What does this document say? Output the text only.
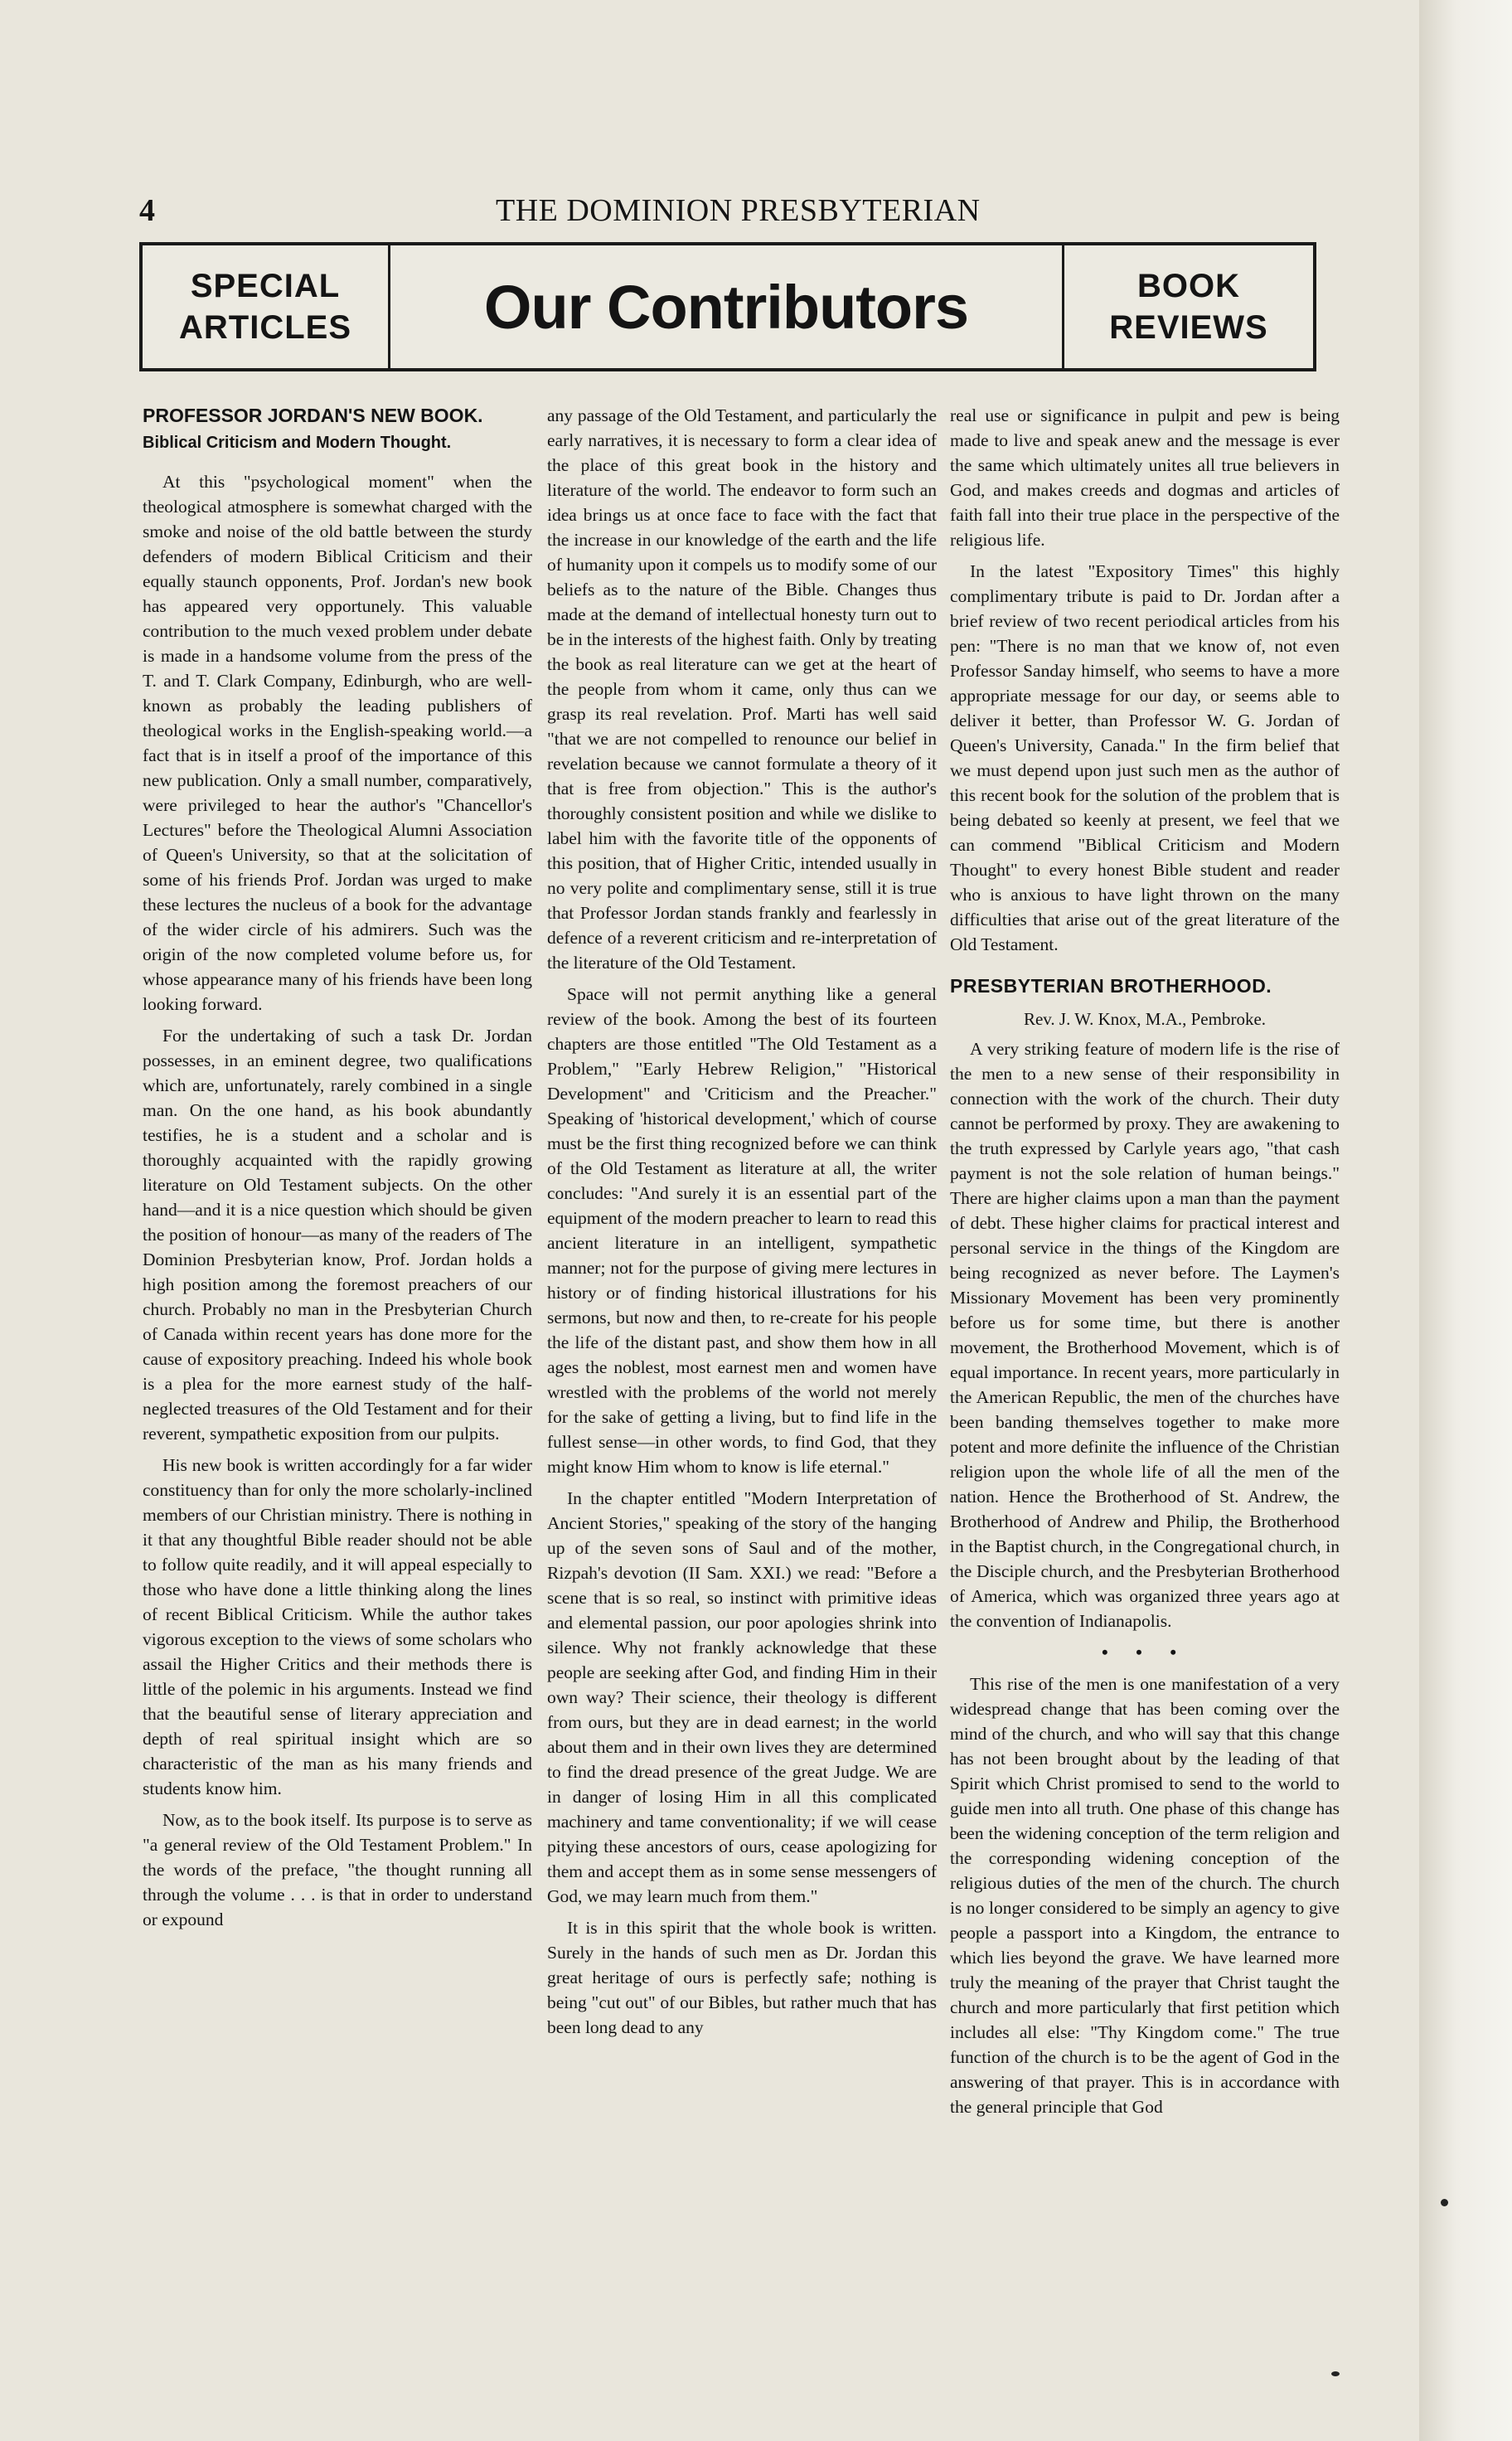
4	THE DOMINION PRESBYTERIAN
SPECIAL
ARTICLES	Our Contributors	BOOK
REVIEWS
PROFESSOR JORDAN'S NEW BOOK.
Biblical Criticism and Modern Thought.

At this "psychological moment" when the theological atmosphere is somewhat charged with the smoke and noise of the old battle between the sturdy defenders of modern Biblical Criticism and their equally staunch opponents, Prof. Jordan's new book has appeared very opportunely. This valuable contribution to the much vexed problem under debate is made in a handsome volume from the press of the T. and T. Clark Company, Edinburgh, who are well-known as probably the leading publishers of theological works in the English-speaking world.—a fact that is in itself a proof of the importance of this new publication. Only a small number, comparatively, were privileged to hear the author's "Chancellor's Lectures" before the Theological Alumni Association of Queen's University, so that at the solicitation of some of his friends Prof. Jordan was urged to make these lectures the nucleus of a book for the advantage of the wider circle of his admirers. Such was the origin of the now completed volume before us, for whose appearance many of his friends have been long looking forward.

For the undertaking of such a task Dr. Jordan possesses, in an eminent degree, two qualifications which are, unfortunately, rarely combined in a single man. On the one hand, as his book abundantly testifies, he is a student and a scholar and is thoroughly acquainted with the rapidly growing literature on Old Testament subjects. On the other hand—and it is a nice question which should be given the position of honour—as many of the readers of The Dominion Presbyterian know, Prof. Jordan holds a high position among the foremost preachers of our church. Probably no man in the Presbyterian Church of Canada within recent years has done more for the cause of expository preaching. Indeed his whole book is a plea for the more earnest study of the half-neglected treasures of the Old Testament and for their reverent, sympathetic exposition from our pulpits.

His new book is written accordingly for a far wider constituency than for only the more scholarly-inclined members of our Christian ministry. There is nothing in it that any thoughtful Bible reader should not be able to follow quite readily, and it will appeal especially to those who have done a little thinking along the lines of recent Biblical Criticism. While the author takes vigorous exception to the views of some scholars who assail the Higher Critics and their methods there is little of the polemic in his arguments. Instead we find that the beautiful sense of literary appreciation and depth of real spiritual insight which are so characteristic of the man as his many friends and students know him.

Now, as to the book itself. Its purpose is to serve as "a general review of the Old Testament Problem." In the words of the preface, "the thought running all through the volume . . . is that in order to understand or expound

any passage of the Old Testament, and particularly the early narratives, it is necessary to form a clear idea of the place of this great book in the history and literature of the world. The endeavor to form such an idea brings us at once face to face with the fact that the increase in our knowledge of the earth and the life of humanity upon it compels us to modify some of our beliefs as to the nature of the Bible. Changes thus made at the demand of intellectual honesty turn out to be in the interests of the highest faith. Only by treating the book as real literature can we get at the heart of the people from whom it came, only thus can we grasp its real revelation. Prof. Marti has well said "that we are not compelled to renounce our belief in revelation because we cannot formulate a theory of it that is free from objection." This is the author's thoroughly consistent position and while we dislike to label him with the favorite title of the opponents of this position, that of Higher Critic, intended usually in no very polite and complimentary sense, still it is true that Professor Jordan stands frankly and fearlessly in defence of a reverent criticism and re-interpretation of the literature of the Old Testament.

Space will not permit anything like a general review of the book. Among the best of its fourteen chapters are those entitled "The Old Testament as a Problem," "Early Hebrew Religion," "Historical Development" and 'Criticism and the Preacher." Speaking of 'historical development,' which of course must be the first thing recognized before we can think of the Old Testament as literature at all, the writer concludes: "And surely it is an essential part of the equipment of the modern preacher to learn to read this ancient literature in an intelligent, sympathetic manner; not for the purpose of giving mere lectures in history or of finding historical illustrations for his sermons, but now and then, to re-create for his people the life of the distant past, and show them how in all ages the noblest, most earnest men and women have wrestled with the problems of the world not merely for the sake of getting a living, but to find life in the fullest sense—in other words, to find God, that they might know Him whom to know is life eternal."

In the chapter entitled "Modern Interpretation of Ancient Stories," speaking of the story of the hanging up of the seven sons of Saul and of the mother, Rizpah's devotion (II Sam. XXI.) we read: "Before a scene that is so real, so instinct with primitive ideas and elemental passion, our poor apologies shrink into silence. Why not frankly acknowledge that these people are seeking after God, and finding Him in their own way? Their science, their theology is different from ours, but they are in dead earnest; in the world about them and in their own lives they are determined to find the dread presence of the great Judge. We are in danger of losing Him in all this complicated machinery and tame conventionality; if we will cease pitying these ancestors of ours, cease apologizing for them and accept them as in some sense messengers of God, we may learn much from them."

It is in this spirit that the whole book is written. Surely in the hands of such men as Dr. Jordan this great heritage of ours is perfectly safe; nothing is being "cut out" of our Bibles, but rather much that has been long dead to any

real use or significance in pulpit and pew is being made to live and speak anew and the message is ever the same which ultimately unites all true believers in God, and makes creeds and dogmas and articles of faith fall into their true place in the perspective of the religious life.

In the latest "Expository Times" this highly complimentary tribute is paid to Dr. Jordan after a brief review of two recent periodical articles from his pen: "There is no man that we know of, not even Professor Sanday himself, who seems to have a more appropriate message for our day, or seems able to deliver it better, than Professor W. G. Jordan of Queen's University, Canada." In the firm belief that we must depend upon just such men as the author of this recent book for the solution of the problem that is being debated so keenly at present, we feel that we can commend "Biblical Criticism and Modern Thought" to every honest Bible student and reader who is anxious to have light thrown on the many difficulties that arise out of the great literature of the Old Testament.

PRESBYTERIAN BROTHERHOOD.
Rev. J. W. Knox, M.A., Pembroke.

A very striking feature of modern life is the rise of the men to a new sense of their responsibility in connection with the work of the church. Their duty cannot be performed by proxy. They are awakening to the truth expressed by Carlyle years ago, "that cash payment is not the sole relation of human beings." There are higher claims upon a man than the payment of debt. These higher claims for practical interest and personal service in the things of the Kingdom are being recognized as never before. The Laymen's Missionary Movement has been very prominently before us for some time, but there is another movement, the Brotherhood Movement, which is of equal importance. In recent years, more particularly in the American Republic, the men of the churches have been banding themselves together to make more potent and more definite the influence of the Christian religion upon the whole life of all the men of the nation. Hence the Brotherhood of St. Andrew, the Brotherhood of Andrew and Philip, the Brotherhood in the Baptist church, in the Congregational church, in the Disciple church, and the Presbyterian Brotherhood of America, which was organized three years ago at the convention of Indianapolis.

• • •

This rise of the men is one manifestation of a very widespread change that has been coming over the mind of the church, and who will say that this change has not been brought about by the leading of that Spirit which Christ promised to send to the world to guide men into all truth. One phase of this change has been the widening conception of the term religion and the corresponding widening conception of the religious duties of the men of the church. The church is no longer considered to be simply an agency to give people a passport into a Kingdom, the entrance to which lies beyond the grave. We have learned more truly the meaning of the prayer that Christ taught the church and more particularly that first petition which includes all else: "Thy Kingdom come." The true function of the church is to be the agent of God in the answering of that prayer. This is in accordance with the general principle that God
